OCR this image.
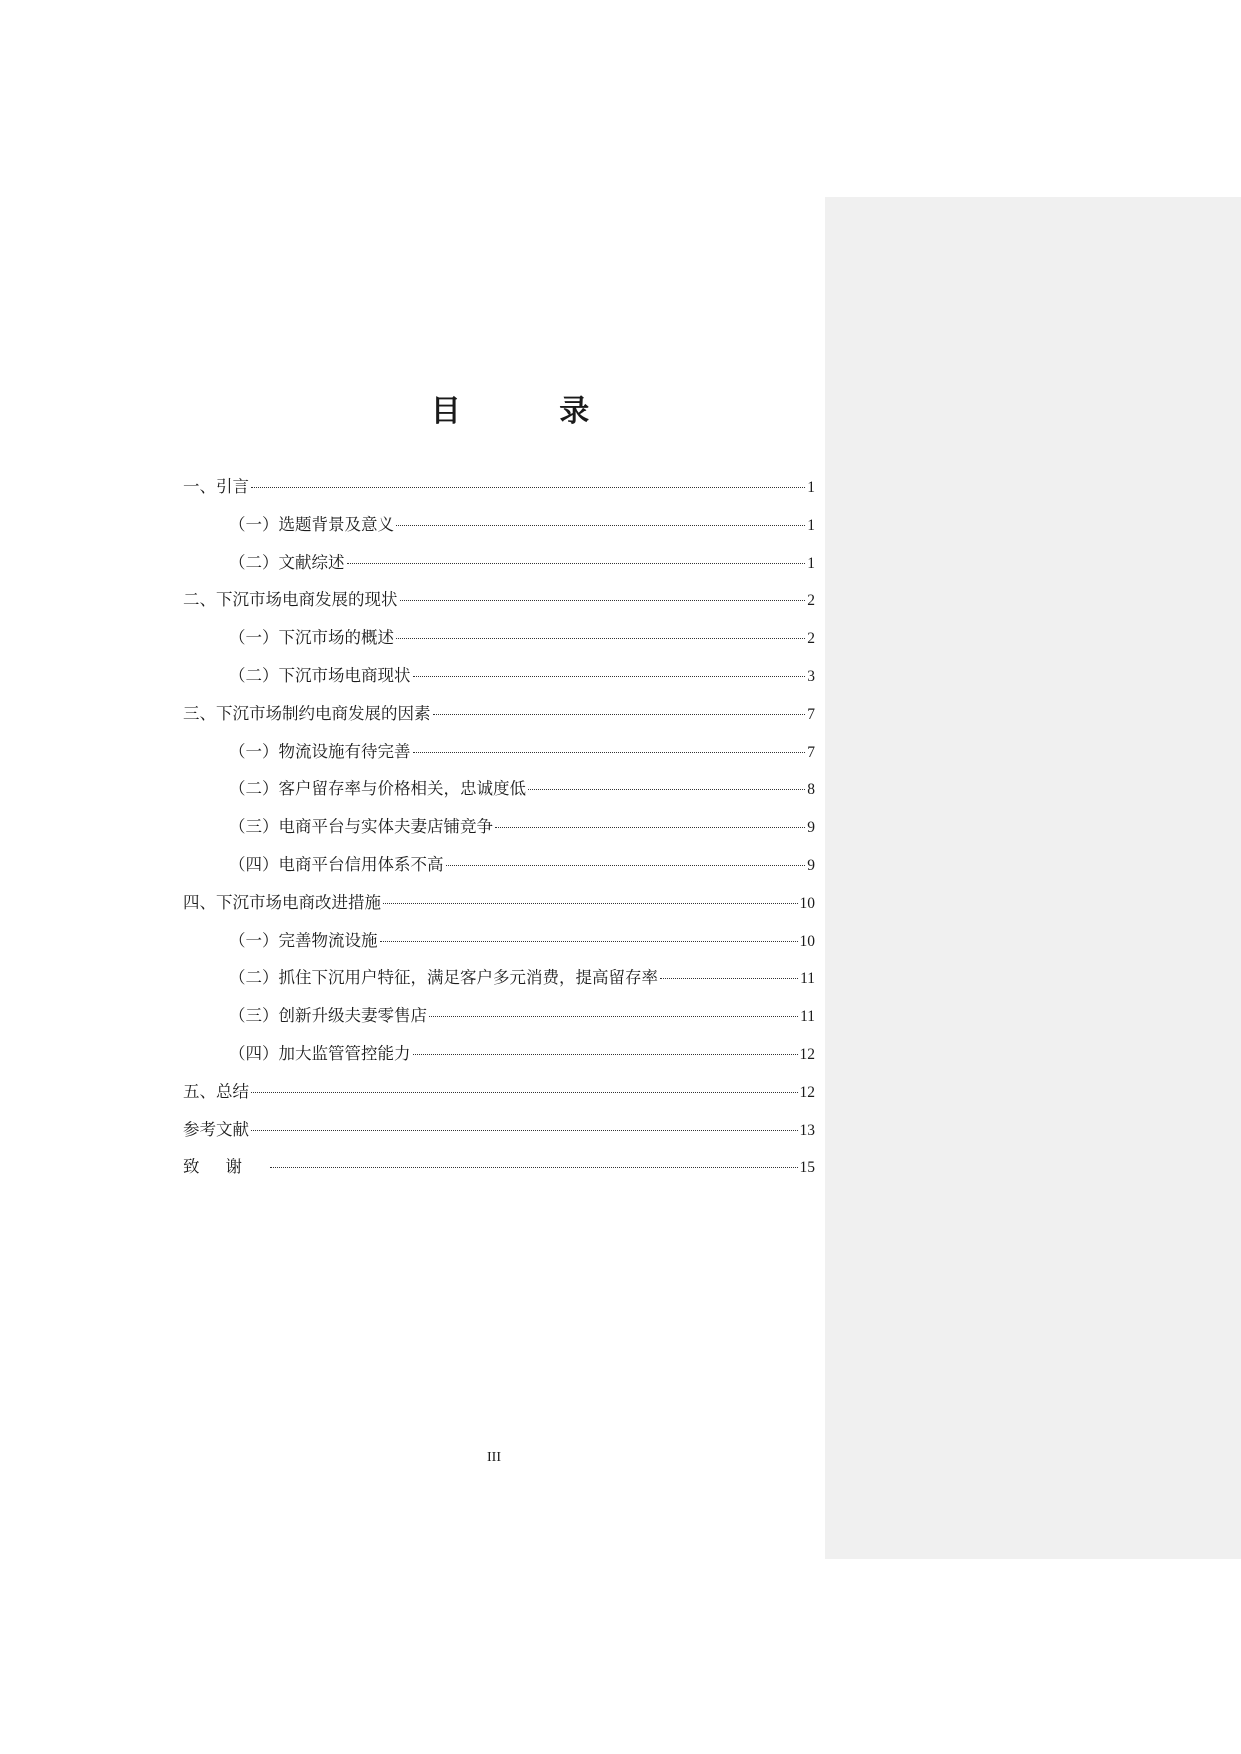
目 录
一、引言	1
（一）选题背景及意义	1
（二）文献综述	1
二、下沉市场电商发展的现状	2
（一）下沉市场的概述	2
（二）下沉市场电商现状	3
三、下沉市场制约电商发展的因素	7
（一）物流设施有待完善	7
（二）客户留存率与价格相关，忠诚度低	8
（三）电商平台与实体夫妻店铺竞争	9
（四）电商平台信用体系不高	9
四、下沉市场电商改进措施	10
（一）完善物流设施	10
（二）抓住下沉用户特征，满足客户多元消费，提高留存率	11
（三）创新升级夫妻零售店	11
（四）加大监管管控能力	12
五、总结	12
参考文献	13
致谢	15
III
